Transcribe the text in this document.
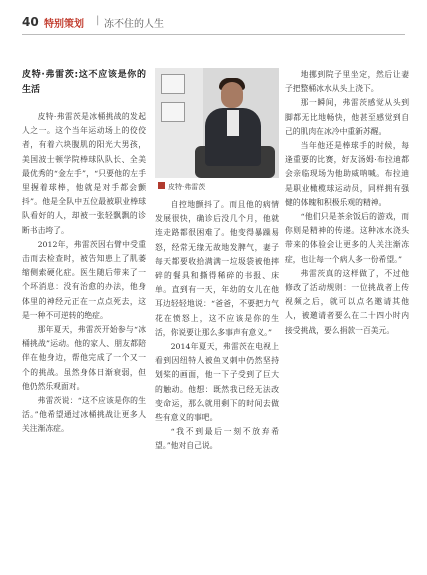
40 特别策划 | 冻不住的人生
皮特·弗雷茨:这不应该是你的生活

皮特·弗雷茨是冰桶挑战的发起人之一。这个当年运动场上的佼佼者，有着六块腹肌的阳光大男孩，美国波士顿学院棒球队队长、全美最优秀的“金左手”，“只要他的左手里握着球棒，他就是对手都会颤抖”。他是全队中五位最被职业棒球队看好的人，却被一张轻飘飘的诊断书击垮了。

2012年，弗雷茨因右臂中受重击而去检查时，被告知患上了肌萎缩侧索硬化症。医生随后带来了一个坏消息：没有治愈的办法，他身体里的神经元正在一点点死去，这是一种不可逆转的绝症。

那年夏天，弗雷茨开始参与“冰桶挑战”运动。他的家人、朋友都陪伴在他身边，帮他完成了一个又一个的挑战。虽然身体日渐衰弱，但他仍然乐观面对。

弗雷茨说：“这不应该是你的生活。”他希望通过冰桶挑战让更多人关注渐冻症。

皮特·弗雷茨

自控地颤抖了。而且他的病情发展很快，确诊后没几个月，他就连走路都很困难了。他变得暴躁易怒，经常无缘无故地发脾气，妻子每天都要收拾满满一垃圾袋被他摔碎的餐具和撕得稀碎的书报、床单。直到有一天，年幼的女儿在他耳边轻轻地说：“爸爸，不要把力气花在愤怒上，这不应该是你的生活，你说要让那么多事声有意义。”

2014年夏天，弗雷茨在电视上看到因纽特人被鱼叉刺中仍然坚持划桨的画面，他一下子受到了巨大的触动。他想：既然我已经无法改变命运，那么就用剩下的时间去做些有意义的事吧。

“我不到最后一刻不放弃希望。”他对自己说。

地挪到院子里坐定，然后让妻子把整桶冰水从头上浇下。

那一瞬间，弗雷茨感觉从头到脚都无比地畅快，他甚至感觉到自己的肌肉在冰冷中重新苏醒。

当年他还是棒球手的时候，每逢重要的比赛，好友汤姆·布拉迪都会亲临现场为他助威呐喊。布拉迪是职业橄榄球运动员，同样拥有强健的体魄和积极乐观的精神。

“他们只是茶余饭后的游戏，而你则是精神的传递。这种冰水浇头带来的体验会让更多的人关注渐冻症，也让每一个病人多一份希望。”

弗雷茨真的这样做了，不过他修改了活动规则：一位挑战者上传视频之后，就可以点名邀请其他人，被邀请者要么在二十四小时内接受挑战，要么捐款一百美元。
